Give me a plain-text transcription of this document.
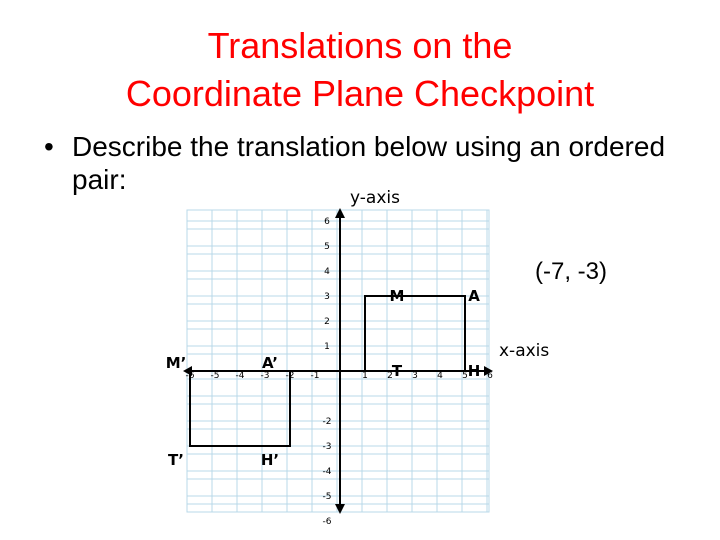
Translations on the
Coordinate Plane Checkpoint
• Describe the translation below using an ordered pair:
(-7, -3)
-6 -5 -4 -3 -2 -1	1 2 3 4 5 6
6
5
4
3
2
1
-2
-3
-4
-5
-6
y-axis
x-axis
M	A
T	H
M’	A’
T’	H’
